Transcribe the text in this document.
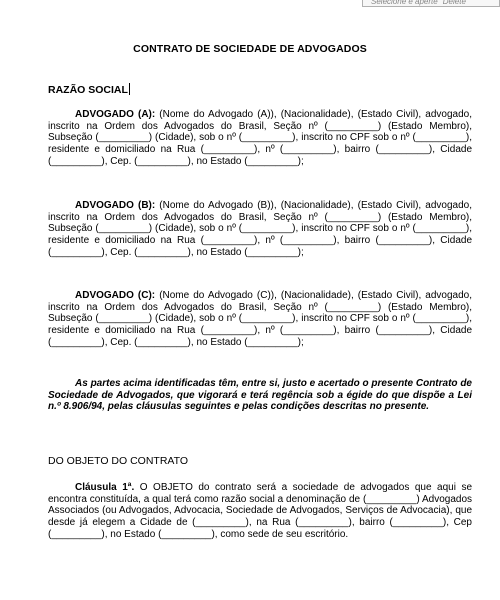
Selecione e aperte "Delete"
CONTRATO DE SOCIEDADE DE ADVOGADOS
RAZÃO SOCIAL
ADVOGADO (A): (Nome do Advogado (A)), (Nacionalidade), (Estado Civil), advogado, inscrito na Ordem dos Advogados do Brasil, Seção nº (_________) (Estado Membro), Subseção (_________) (Cidade), sob o nº (_________), inscrito no CPF sob o nº (_________), residente e domiciliado na Rua (_________), nº (_________), bairro (_________), Cidade (_________), Cep. (_________), no Estado (_________);
ADVOGADO (B): (Nome do Advogado (B)), (Nacionalidade), (Estado Civil), advogado, inscrito na Ordem dos Advogados do Brasil, Seção nº (_________) (Estado Membro), Subseção (_________) (Cidade), sob o nº (_________), inscrito no CPF sob o nº (_________), residente e domiciliado na Rua (_________), nº (_________), bairro (_________), Cidade (_________), Cep. (_________), no Estado (_________);
ADVOGADO (C): (Nome do Advogado (C)), (Nacionalidade), (Estado Civil), advogado, inscrito na Ordem dos Advogados do Brasil, Seção nº (_________) (Estado Membro), Subseção (_________) (Cidade), sob o nº (_________), inscrito no CPF sob o nº (_________), residente e domiciliado na Rua (_________), nº (_________), bairro (_________), Cidade (_________), Cep. (_________), no Estado (_________);
As partes acima identificadas têm, entre si, justo e acertado o presente Contrato de Sociedade de Advogados, que vigorará e terá regência sob a égide do que dispõe a Lei n.º 8.906/94, pelas cláusulas seguintes e pelas condições descritas no presente.
DO OBJETO DO CONTRATO
Cláusula 1ª. O OBJETO do contrato será a sociedade de advogados que aqui se encontra constituída, a qual terá como razão social a denominação de (_________) Advogados Associados (ou Advogados, Advocacia, Sociedade de Advogados, Serviços de Advocacia), que desde já elegem a Cidade de (_________), na Rua (_________), bairro (_________), Cep (_________), no Estado (_________), como sede de seu escritório.
